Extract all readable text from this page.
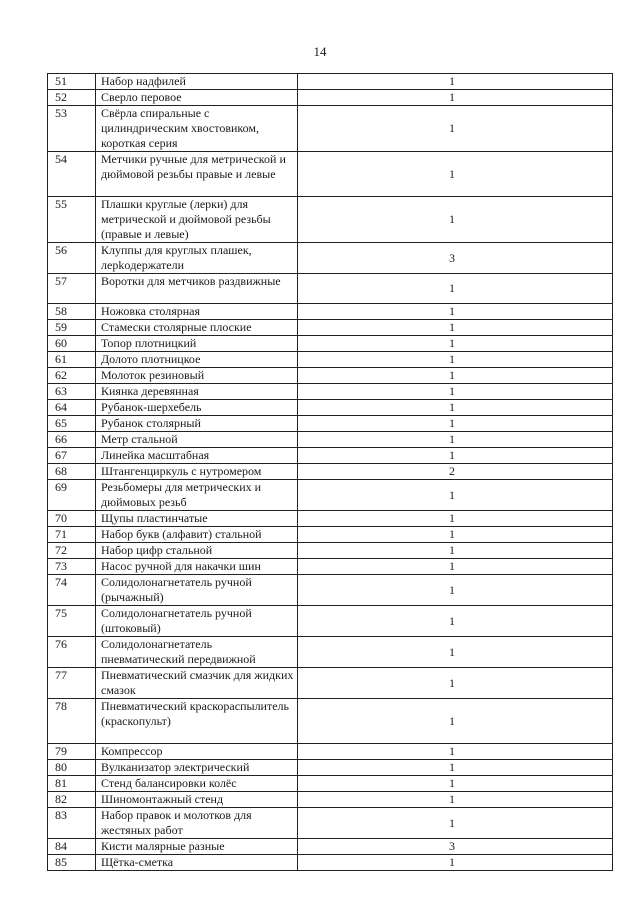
14
51	Набор надфилей	1
52	Сверло перовое	1
53	Свёрла спиральные с цилиндрическим хвостовиком, короткая серия	1
54	Метчики ручные для метрической и дюймовой резьбы правые и левые	1
55	Плашки круглые (лерки) для метрической и дюймовой резьбы (правые и левые)	1
56	Клуппы для круглых плашек, лерkoдержатели	3
57	Воротки для метчиков раздвижные	1
58	Ножовка столярная	1
59	Стамески столярные плоские	1
60	Топор плотницкий	1
61	Долото плотницкое	1
62	Молоток резиновый	1
63	Киянка деревянная	1
64	Рубанок-шерхебель	1
65	Рубанок столярный	1
66	Метр стальной	1
67	Линейка масштабная	1
68	Штангенциркуль с нутромером	2
69	Резьбомеры для метрических и дюймовых резьб	1
70	Щупы пластинчатые	1
71	Набор букв (алфавит) стальной	1
72	Набор цифр стальной	1
73	Насос ручной для накачки шин	1
74	Солидолонагнетатель ручной (рычажный)	1
75	Солидолонагнетатель ручной (штоковый)	1
76	Солидолонагнетатель пневматический передвижной	1
77	Пневматический смазчик для жидких смазок	1
78	Пневматический краскораспылитель (краскопульт)	1
79	Компрессор	1
80	Вулканизатор электрический	1
81	Стенд балансировки колёс	1
82	Шиномонтажный стенд	1
83	Набор правок и молотков для жестяных работ	1
84	Кисти малярные разные	3
85	Щётка-сметка	1
